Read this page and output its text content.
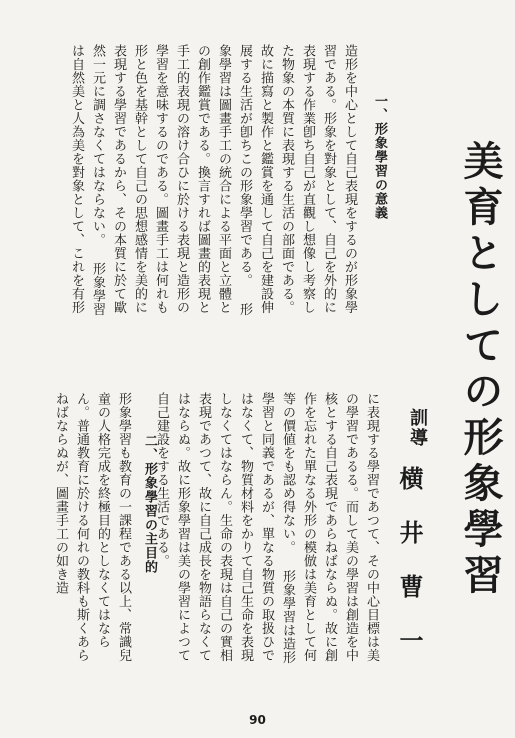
美育としての形象學習
訓導
横井曹一
一、形象學習の意義
造形を中心として自己表現をするのが形象學習である。形象を對象として、自己を外的に表現する作業卽ち自己が直觀し想像し考察した物象の本質に表現する生活の部面である。故に描寫と製作と鑑賞を通して自己を建設伸展する生活が卽ちこの形象學習である。 形象學習は圖畫手工の統合による平面と立體との創作鑑賞である。換言すれば圖畫的表現と手工的表現の溶け合ひに於ける表現と造形の學習を意味するのである。圖畫手工は何れも形と色を基幹として自己の思想感情を美的に表現する學習であるから、その本質に於て歐然一元に調さなくてはならない。 形象學習は自然美と人為美を對象として、これを有形
に表現する學習であつて、その中心目標は美の學習であるる。而して美の學習は創造を中核とする自己表現であらねばならぬ。故に創作を忘れた單なる外形の模倣は美育として何等の價値をも認め得ない。 形象學習は造形學習と同義であるが、單なる物質の取扱ひではなくて、物質材料をかりて自己生命を表現しなくてはならん。生命の表現は自己の實相表現であつて、故に自己成長を物語らなくてはならぬ。故に形象學習は美の學習によつて自己建設をする生活である。
二、形象學習の主目的
形象學習も教育の一課程である以上、常識兒童の人格完成を終極目的としなくてはならん。普通教育に於ける何れの教科も斯くあらねばならぬが、圖畫手工の如き造
90
